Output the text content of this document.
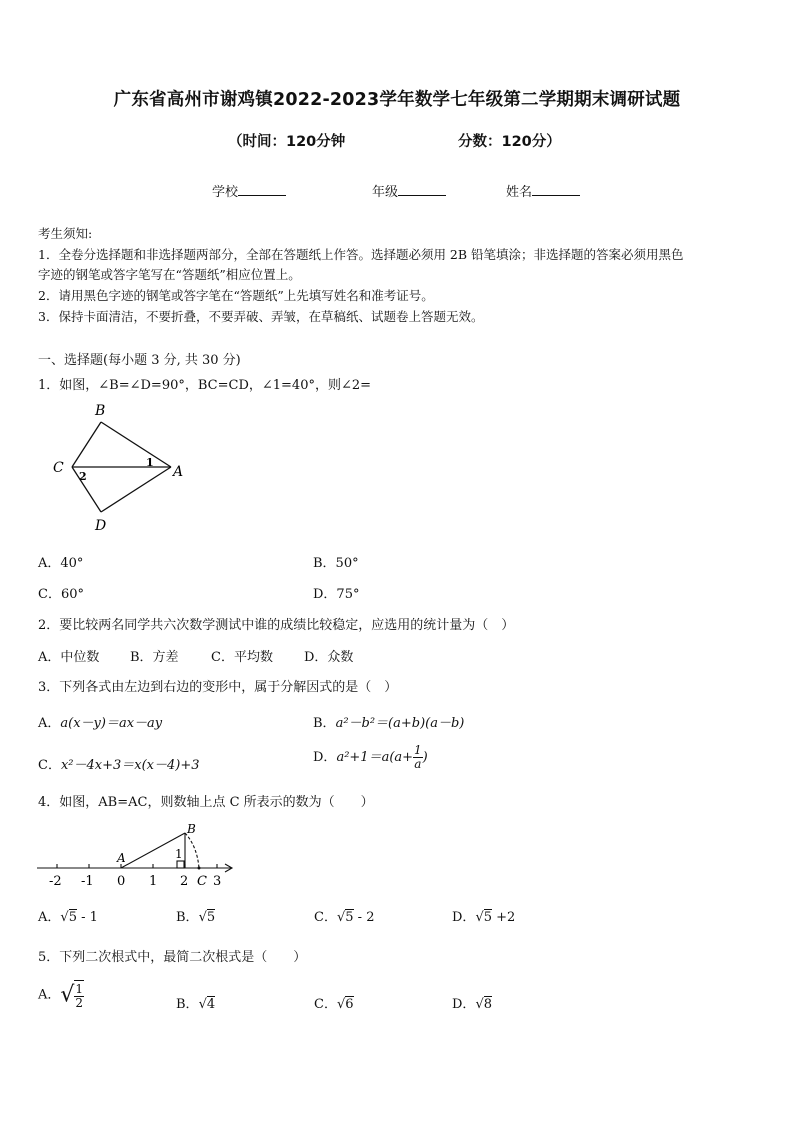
广东省高州市谢鸡镇2022-2023学年数学七年级第二学期期末调研试题
（时间：120分钟	分数：120分）
学校	年级	姓名
考生须知:
1．全卷分选择题和非选择题两部分，全部在答题纸上作答。选择题必须用 2B 铅笔填涂；非选择题的答案必须用黑色
字迹的钢笔或答字笔写在“答题纸”相应位置上。
2．请用黑色字迹的钢笔或答字笔在“答题纸”上先填写姓名和准考证号。
3．保持卡面清洁，不要折叠，不要弄破、弄皱，在草稿纸、试题卷上答题无效。
一、选择题(每小题 3 分, 共 30 分)
1．如图，∠B=∠D=90°，BC=CD，∠1=40°，则∠2=
B
C	A
D
1
2
A．40°	B．50°
C．60°	D．75°
2．要比较两名同学共六次数学测试中谁的成绩比较稳定，应选用的统计量为（　）
A．中位数 B．方差 C．平均数 D．众数
3．下列各式由左边到右边的变形中，属于分解因式的是（　）
A．a(x－y)＝ax－ay	B．a²－b²＝(a+b)(a－b)
C．x²－4x+3＝x(x－4)+3
D．$a^2+1=a(a+ \frac{1}{a}$ )
4．如图，AB=AC，则数轴上点 C 所表示的数为（　　）
-2 -1 0 1 2 3
A
B
1
C
A．√5 - 1	B．√5	C．√5 - 2	D．√5 +2
5．下列二次根式中，最简二次根式是（　　）
A．√ $\frac{1}{2}$	B．√4	C．√6	D．√8
